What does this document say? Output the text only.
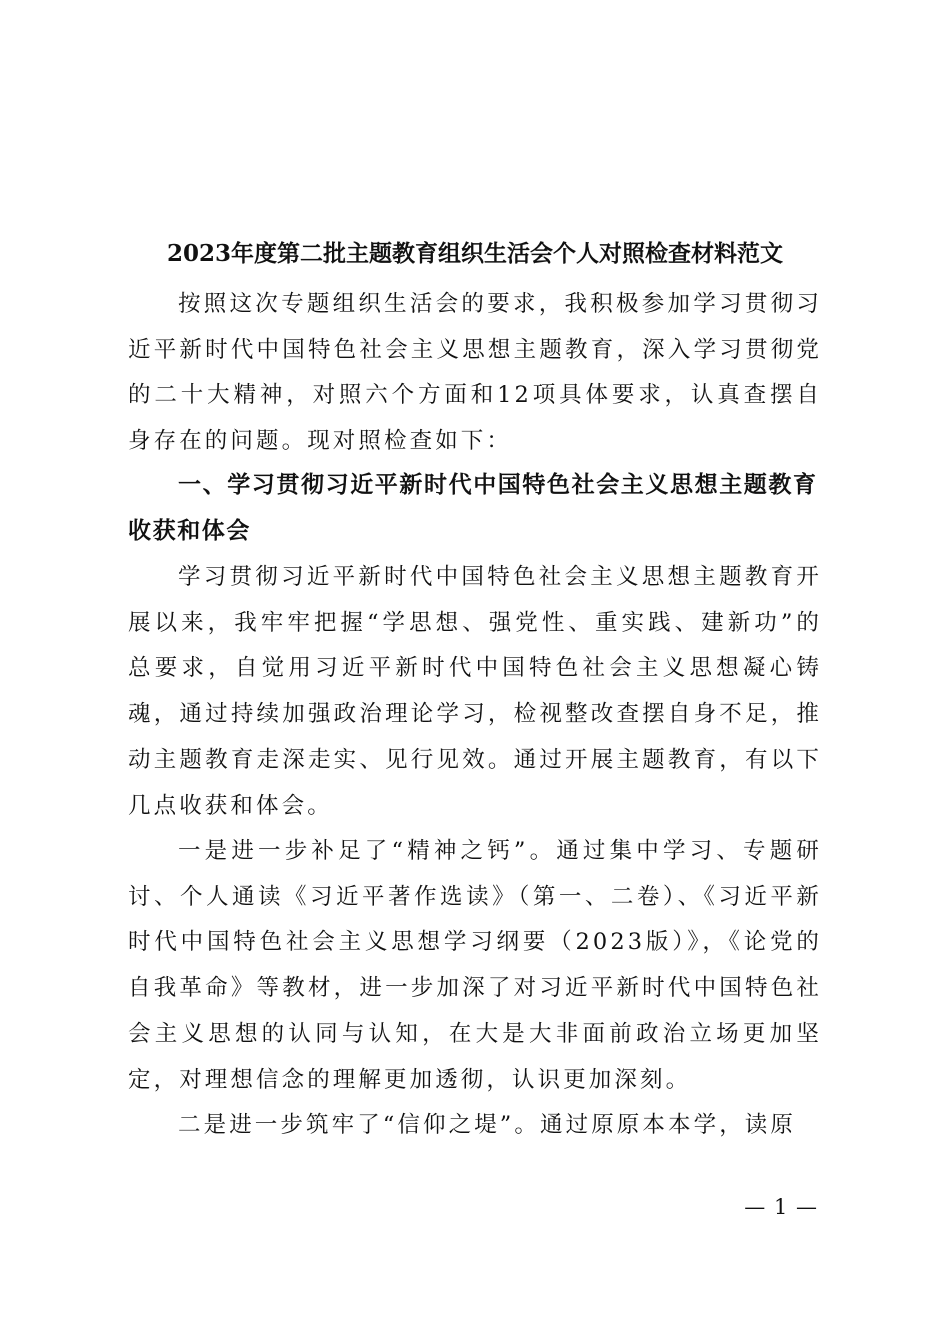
2023年度第二批主题教育组织生活会个人对照检查材料范文

按照这次专题组织生活会的要求，我积极参加学习贯彻习近平新时代中国特色社会主义思想主题教育，深入学习贯彻党的二十大精神，对照六个方面和12项具体要求，认真查摆自身存在的问题。现对照检查如下：

一、学习贯彻习近平新时代中国特色社会主义思想主题教育收获和体会

学习贯彻习近平新时代中国特色社会主义思想主题教育开展以来，我牢牢把握“学思想、强党性、重实践、建新功”的总要求，自觉用习近平新时代中国特色社会主义思想凝心铸魂，通过持续加强政治理论学习，检视整改查摆自身不足，推动主题教育走深走实、见行见效。通过开展主题教育，有以下几点收获和体会。

一是进一步补足了“精神之钙”。通过集中学习、专题研讨、个人通读《习近平著作选读》（第一、二卷）、《习近平新时代中国特色社会主义思想学习纲要（2023版）》，《论党的自我革命》等教材，进一步加深了对习近平新时代中国特色社会主义思想的认同与认知，在大是大非面前政治立场更加坚定，对理想信念的理解更加透彻，认识更加深刻。

二是进一步筑牢了“信仰之堤”。通过原原本本学，读原

— 1 —
